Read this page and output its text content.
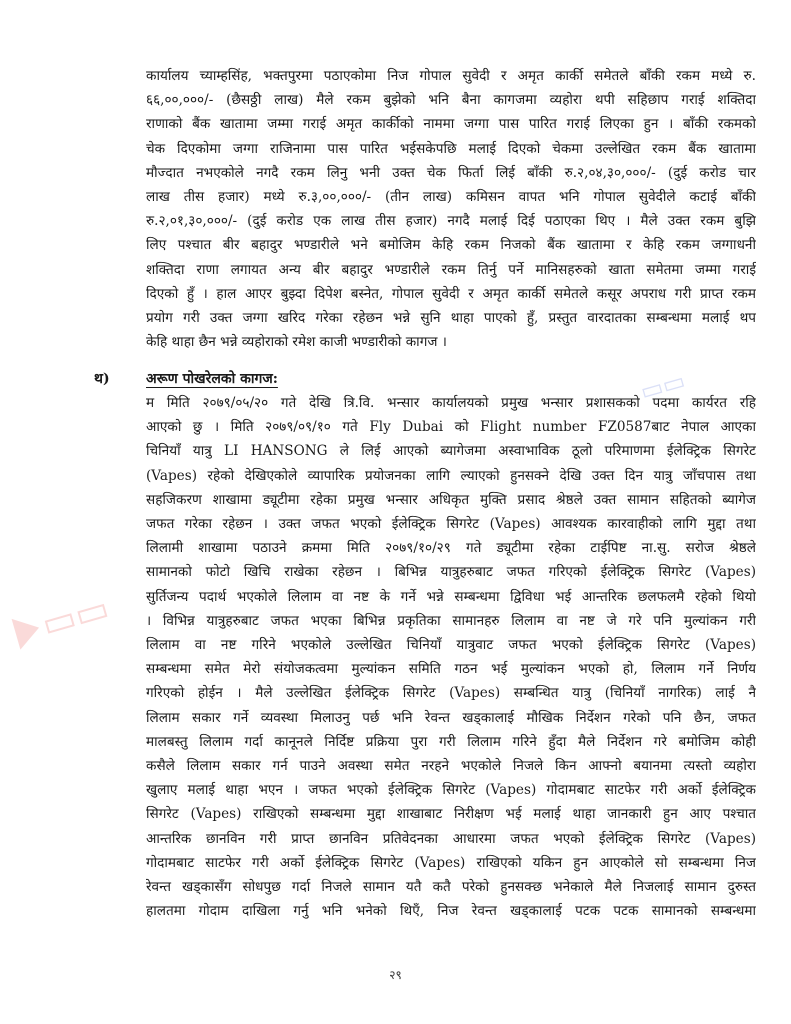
▭▭
▭▭
कार्यालय च्याम्हसिंह, भक्तपुरमा पठाएकोमा निज गोपाल सुवेदी र अमृत कार्की समेतले बाँकी रकम मध्ये रु.
६६,००,०००/- (छैसठ्ठी लाख) मैले रकम बुझेको भनि बैना कागजमा व्यहोरा थपी सहिछाप गराई शक्तिदा
राणाको बैंक खातामा जम्मा गराई अमृत कार्कीको नाममा जग्गा पास पारित गराई लिएका हुन । बाँकी रकमको
चेक दिएकोमा जग्गा राजिनामा पास पारित भईसकेपछि मलाई दिएको चेकमा उल्लेखित रकम बैंक खातामा
मौज्दात नभएकोले नगदै रकम लिनु भनी उक्त चेक फिर्ता लिई बाँकी रु.२,०४,३०,०००/- (दुई करोड चार
लाख तीस हजार) मध्ये रु.३,००,०००/- (तीन लाख) कमिसन वापत भनि गोपाल सुवेदीले कटाई बाँकी
रु.२,०१,३०,०००/- (दुई करोड एक लाख तीस हजार) नगदै मलाई दिई पठाएका थिए । मैले उक्त रकम बुझि
लिए पश्चात बीर बहादुर भण्डारीले भने बमोजिम केहि रकम निजको बैंक खातामा र केहि रकम जग्गाधनी
शक्तिदा राणा लगायत अन्य बीर बहादुर भण्डारीले रकम तिर्नु पर्ने मानिसहरुको खाता समेतमा जम्मा गराई
दिएको हुँ । हाल आएर बुझ्दा दिपेश बस्नेत, गोपाल सुवेदी र अमृत कार्की समेतले कसूर अपराध गरी प्राप्त रकम
प्रयोग गरी उक्त जग्गा खरिद गरेका रहेछन भन्ने सुनि थाहा पाएको हुँ, प्रस्तुत वारदातका सम्बन्धमा मलाई थप
केहि थाहा छैन भन्ने व्यहोराको रमेश काजी भण्डारीको कागज ।
थ)	अरूण पोखरेलको कागज:
म मिति २०७९/०५/२० गते देखि त्रि.वि. भन्सार कार्यालयको प्रमुख भन्सार प्रशासकको पदमा कार्यरत रहि
आएको छु । मिति २०७९/०९/१० गते Fly Dubai को Flight number FZ0587बाट नेपाल आएका
चिनियाँ यात्रु LI HANSONG ले लिई आएको ब्यागेजमा अस्वाभाविक ठूलो परिमाणमा ईलेक्ट्रिक सिगरेट
(Vapes) रहेको देखिएकोले व्यापारिक प्रयोजनका लागि ल्याएको हुनसक्ने देखि उक्त दिन यात्रु जाँचपास तथा
सहजिकरण शाखामा ड्यूटीमा रहेका प्रमुख भन्सार अधिकृत मुक्ति प्रसाद श्रेष्ठले उक्त सामान सहितको ब्यागेज
जफत गरेका रहेछन । उक्त जफत भएको ईलेक्ट्रिक सिगरेट (Vapes) आवश्यक कारवाहीको लागि मुद्दा तथा
लिलामी शाखामा पठाउने क्रममा मिति २०७९/१०/२९ गते ड्यूटीमा रहेका टाईपिष्ट ना.सु. सरोज श्रेष्ठले
सामानको फोटो खिचि राखेका रहेछन । बिभिन्न यात्रुहरुबाट जफत गरिएको ईलेक्ट्रिक सिगरेट (Vapes)
सुर्तिजन्य पदार्थ भएकोले लिलाम वा नष्ट के गर्ने भन्ने सम्बन्धमा द्विविधा भई आन्तरिक छलफलमै रहेको थियो
। विभिन्न यात्रुहरुबाट जफत भएका बिभिन्न प्रकृतिका सामानहरु लिलाम वा नष्ट जे गरे पनि मुल्यांकन गरी
लिलाम वा नष्ट गरिने भएकोले उल्लेखित चिनियाँ यात्रुवाट जफत भएको ईलेक्ट्रिक सिगरेट (Vapes)
सम्बन्धमा समेत मेरो संयोजकत्वमा मुल्यांकन समिति गठन भई मुल्यांकन भएको हो, लिलाम गर्ने निर्णय
गरिएको होईन । मैले उल्लेखित ईलेक्ट्रिक सिगरेट (Vapes) सम्बन्धित यात्रु (चिनियाँ नागरिक) लाई नै
लिलाम सकार गर्ने व्यवस्था मिलाउनु पर्छ भनि रेवन्त खड्कालाई मौखिक निर्देशन गरेको पनि छैन, जफत
मालबस्तु लिलाम गर्दा कानूनले निर्दिष्ट प्रक्रिया पुरा गरी लिलाम गरिने हुँदा मैले निर्देशन गरे बमोजिम कोही
कसैले लिलाम सकार गर्न पाउने अवस्था समेत नरहने भएकोले निजले किन आफ्नो बयानमा त्यस्तो व्यहोरा
खुलाए मलाई थाहा भएन । जफत भएको ईलेक्ट्रिक सिगरेट (Vapes) गोदामबाट साटफेर गरी अर्को ईलेक्ट्रिक
सिगरेट (Vapes) राखिएको सम्बन्धमा मुद्दा शाखाबाट निरीक्षण भई मलाई थाहा जानकारी हुन आए पश्चात
आन्तरिक छानविन गरी प्राप्त छानविन प्रतिवेदनका आधारमा जफत भएको ईलेक्ट्रिक सिगरेट (Vapes)
गोदामबाट साटफेर गरी अर्को ईलेक्ट्रिक सिगरेट (Vapes) राखिएको यकिन हुन आएकोले सो सम्बन्धमा निज
रेवन्त खड्कासँग सोधपुछ गर्दा निजले सामान यतै कतै परेको हुनसक्छ भनेकाले मैले निजलाई सामान दुरुस्त
हालतमा गोदाम दाखिला गर्नु भनि भनेको थिएँ, निज रेवन्त खड्कालाई पटक पटक सामानको सम्बन्धमा
२९
